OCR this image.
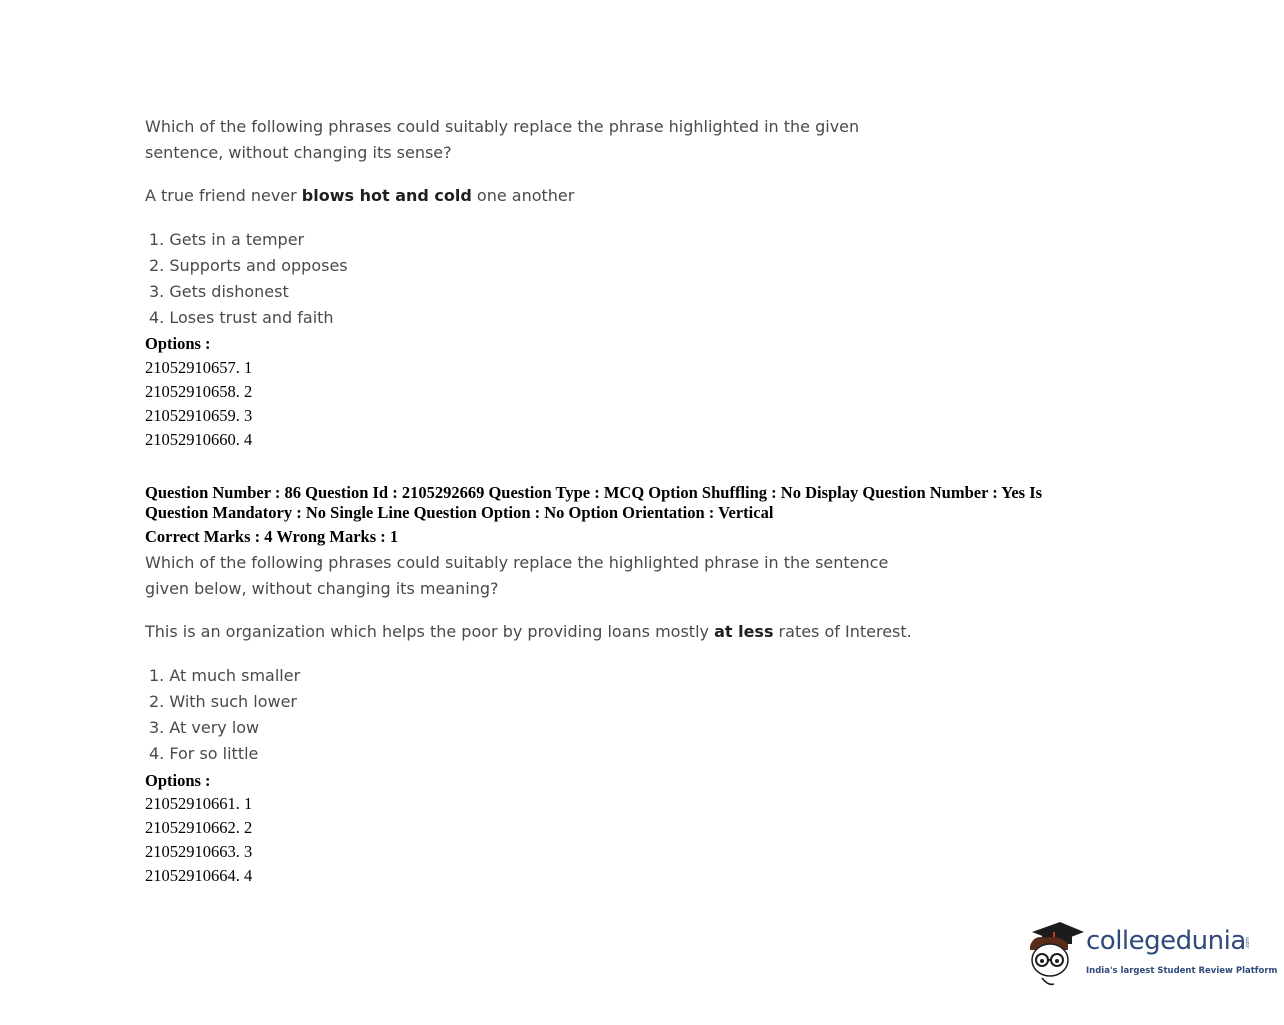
Which of the following phrases could suitably replace the phrase highlighted in the given
sentence, without changing its sense?
A true friend never blows hot and cold one another
1. Gets in a temper
2. Supports and opposes
3. Gets dishonest
4. Loses trust and faith
Options :
21052910657. 1
21052910658. 2
21052910659. 3
21052910660. 4
Question Number : 86 Question Id : 2105292669 Question Type : MCQ Option Shuffling : No Display Question Number : Yes Is Question Mandatory : No Single Line Question Option : No Option Orientation : Vertical
Correct Marks : 4 Wrong Marks : 1
Which of the following phrases could suitably replace the highlighted phrase in the sentence
given below, without changing its meaning?
This is an organization which helps the poor by providing loans mostly at less rates of Interest.
1. At much smaller
2. With such lower
3. At very low
4. For so little
Options :
21052910661. 1
21052910662. 2
21052910663. 3
21052910664. 4
collegedunia .com
India's largest Student Review Platform
